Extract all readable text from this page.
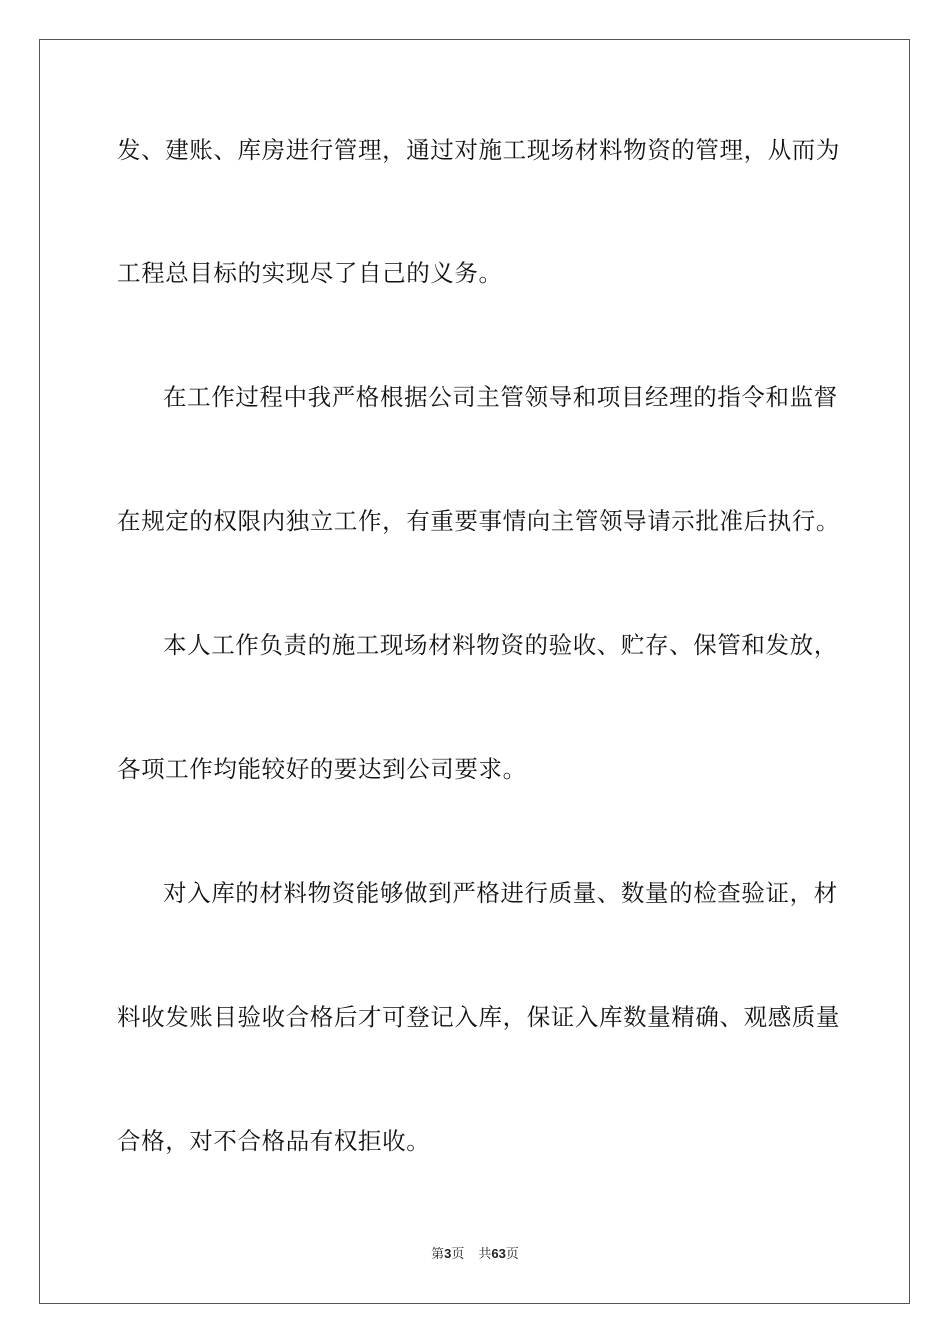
发、建账、库房进行管理，通过对施工现场材料物资的管理，从而为
工程总目标的实现尽了自己的义务。
在工作过程中我严格根据公司主管领导和项目经理的指令和监督
在规定的权限内独立工作，有重要事情向主管领导请示批准后执行。
本人工作负责的施工现场材料物资的验收、贮存、保管和发放，
各项工作均能较好的要达到公司要求。
对入库的材料物资能够做到严格进行质量、数量的检查验证，材
料收发账目验收合格后才可登记入库，保证入库数量精确、观感质量
合格，对不合格品有权拒收。
第3页 共63页
